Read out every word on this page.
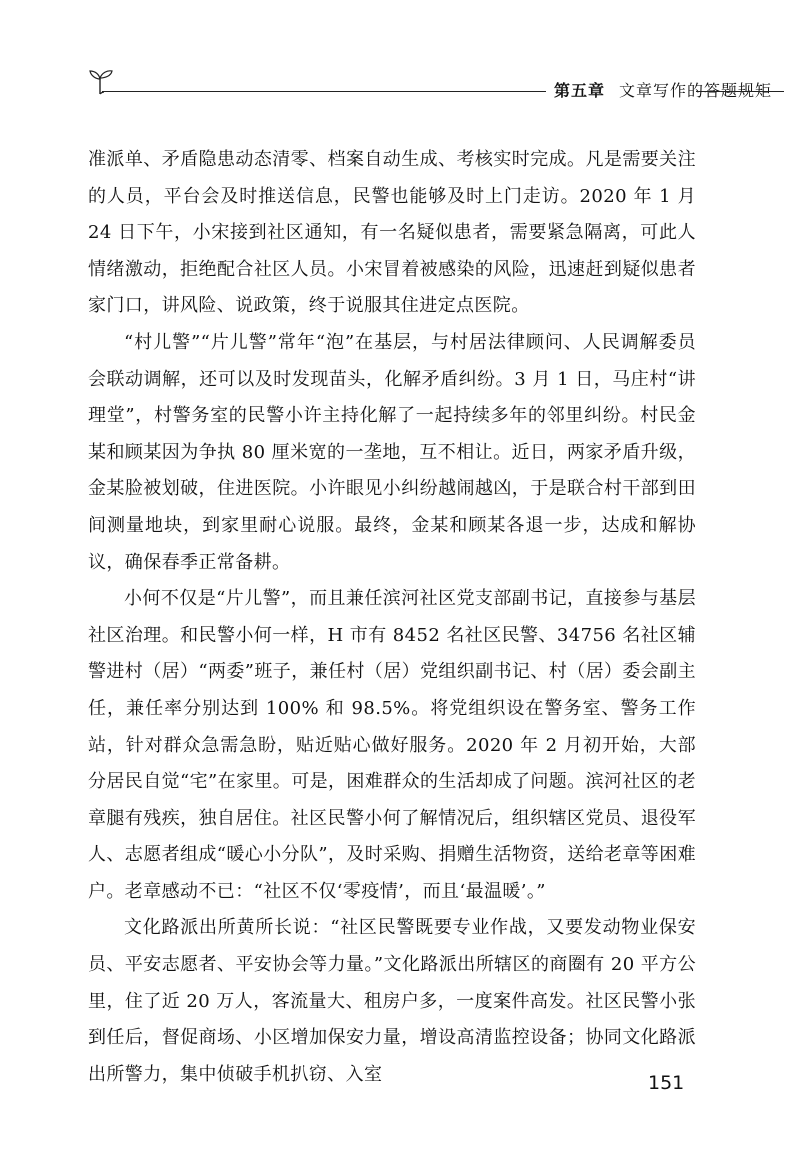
第五章 文章写作的答题规矩

准派单、矛盾隐患动态清零、档案自动生成、考核实时完成。凡是需要关注的人员，平台会及时推送信息，民警也能够及时上门走访。2020 年 1 月 24 日下午，小宋接到社区通知，有一名疑似患者，需要紧急隔离，可此人情绪激动，拒绝配合社区人员。小宋冒着被感染的风险，迅速赶到疑似患者家门口，讲风险、说政策，终于说服其住进定点医院。

“村儿警”“片儿警”常年“泡”在基层，与村居法律顾问、人民调解委员会联动调解，还可以及时发现苗头，化解矛盾纠纷。3 月 1 日，马庄村“讲理堂”，村警务室的民警小许主持化解了一起持续多年的邻里纠纷。村民金某和顾某因为争执 80 厘米宽的一垄地，互不相让。近日，两家矛盾升级，金某脸被划破，住进医院。小许眼见小纠纷越闹越凶，于是联合村干部到田间测量地块，到家里耐心说服。最终，金某和顾某各退一步，达成和解协议，确保春季正常备耕。

小何不仅是“片儿警”，而且兼任滨河社区党支部副书记，直接参与基层社区治理。和民警小何一样，H 市有 8452 名社区民警、34756 名社区辅警进村（居）“两委”班子，兼任村（居）党组织副书记、村（居）委会副主任，兼任率分别达到 100% 和 98.5%。将党组织设在警务室、警务工作站，针对群众急需急盼，贴近贴心做好服务。2020 年 2 月初开始，大部分居民自觉“宅”在家里。可是，困难群众的生活却成了问题。滨河社区的老章腿有残疾，独自居住。社区民警小何了解情况后，组织辖区党员、退役军人、志愿者组成“暖心小分队”，及时采购、捐赠生活物资，送给老章等困难户。老章感动不已：“社区不仅‘零疫情’，而且‘最温暖’。”

文化路派出所黄所长说：“社区民警既要专业作战，又要发动物业保安员、平安志愿者、平安协会等力量。”文化路派出所辖区的商圈有 20 平方公里，住了近 20 万人，客流量大、租房户多，一度案件高发。社区民警小张到任后，督促商场、小区增加保安力量，增设高清监控设备；协同文化路派出所警力，集中侦破手机扒窃、入室	151
